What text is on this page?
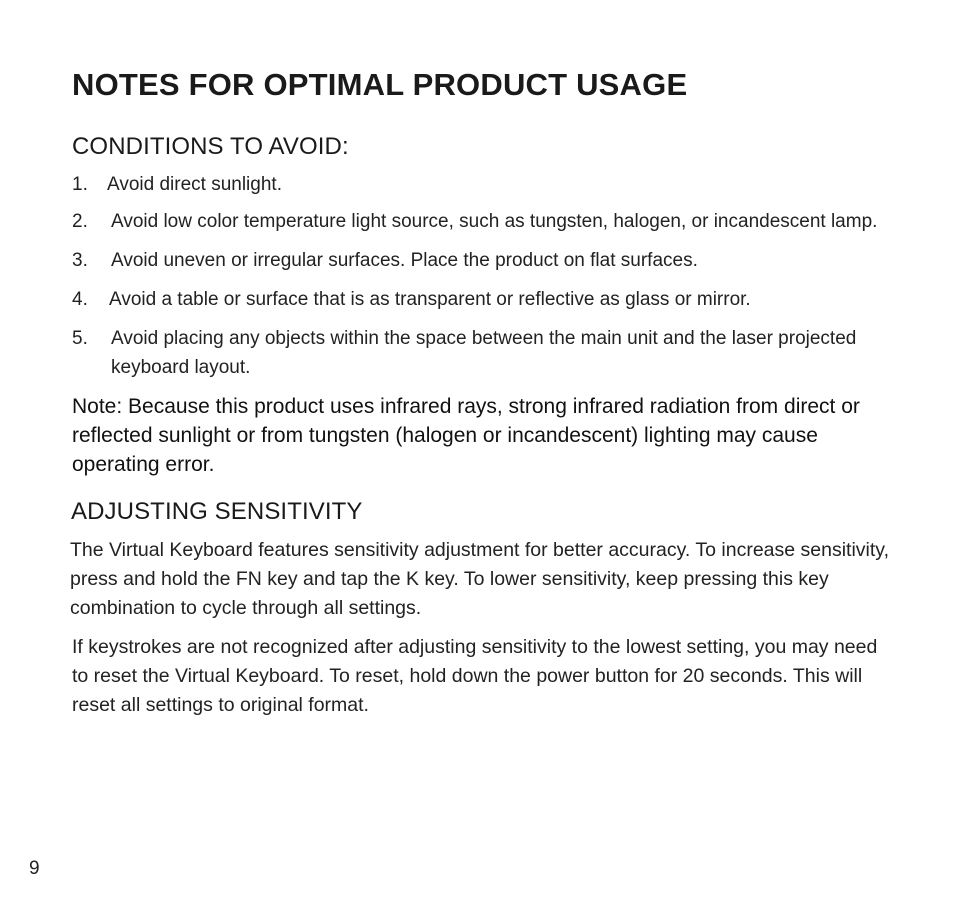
NOTES FOR OPTIMAL PRODUCT USAGE
CONDITIONS TO AVOID:
1. Avoid direct sunlight.
2. Avoid low color temperature light source, such as tungsten, halogen, or incandescent lamp.
3. Avoid uneven or irregular surfaces. Place the product on flat surfaces.
4. Avoid a table or surface that is as transparent or reflective as glass or mirror.
5. Avoid placing any objects within the space between the main unit and the laser projected keyboard layout.

Note: Because this product uses infrared rays, strong infrared radiation from direct or reflected sunlight or from tungsten (halogen or incandescent) lighting may cause operating error.

ADJUSTING SENSITIVITY

The Virtual Keyboard features sensitivity adjustment for better accuracy. To increase sensitivity, press and hold the FN key and tap the K key. To lower sensitivity, keep pressing this key combination to cycle through all settings.

If keystrokes are not recognized after adjusting sensitivity to the lowest setting, you may need to reset the Virtual Keyboard. To reset, hold down the power button for 20 seconds. This will reset all settings to original format.

9
